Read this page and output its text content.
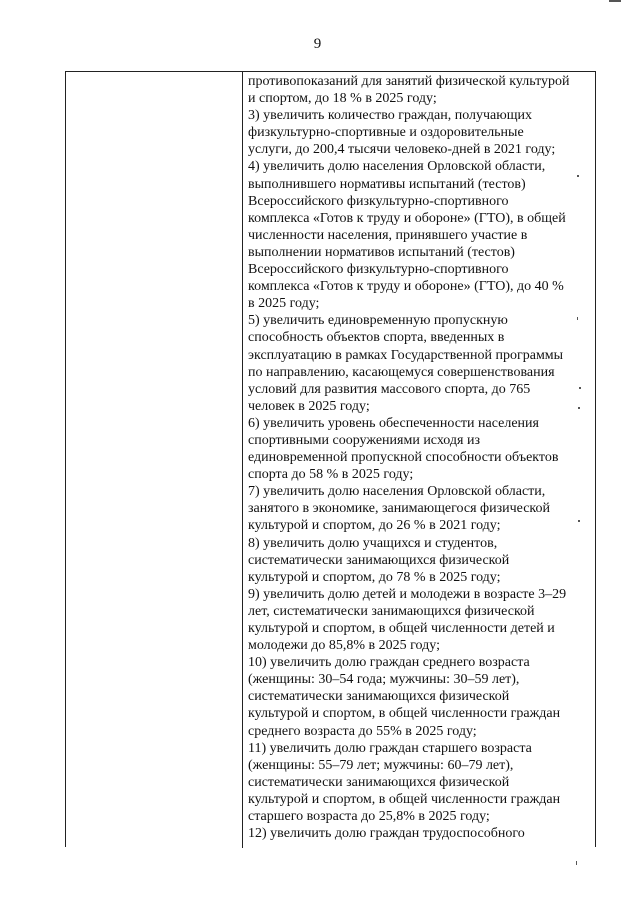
9
противопоказаний для занятий физической культурой
и спортом, до 18 % в 2025 году;
3) увеличить количество граждан, получающих
физкультурно-спортивные и оздоровительные
услуги, до 200,4 тысячи человеко-дней в 2021 году;
4) увеличить долю населения Орловской области,
выполнившего нормативы испытаний (тестов)
Всероссийского физкультурно-спортивного
комплекса «Готов к труду и обороне» (ГТО), в общей
численности населения, принявшего участие в
выполнении нормативов испытаний (тестов)
Всероссийского физкультурно-спортивного
комплекса «Готов к труду и обороне» (ГТО), до 40 %
в 2025 году;
5) увеличить единовременную пропускную
способность объектов спорта, введенных в
эксплуатацию в рамках Государственной программы
по направлению, касающемуся совершенствования
условий для развития массового спорта, до 765
человек в 2025 году;
6) увеличить уровень обеспеченности населения
спортивными сооружениями исходя из
единовременной пропускной способности объектов
спорта до 58 % в 2025 году;
7) увеличить долю населения Орловской области,
занятого в экономике, занимающегося физической
культурой и спортом, до 26 % в 2021 году;
8) увеличить долю учащихся и студентов,
систематически занимающихся физической
культурой и спортом, до 78 % в 2025 году;
9) увеличить долю детей и молодежи в возрасте 3–29
лет, систематически занимающихся физической
культурой и спортом, в общей численности детей и
молодежи до 85,8% в 2025 году;
10) увеличить долю граждан среднего возраста
(женщины: 30–54 года; мужчины: 30–59 лет),
систематически занимающихся физической
культурой и спортом, в общей численности граждан
среднего возраста до 55% в 2025 году;
11) увеличить долю граждан старшего возраста
(женщины: 55–79 лет; мужчины: 60–79 лет),
систематически занимающихся физической
культурой и спортом, в общей численности граждан
старшего возраста до 25,8% в 2025 году;
12) увеличить долю граждан трудоспособного
